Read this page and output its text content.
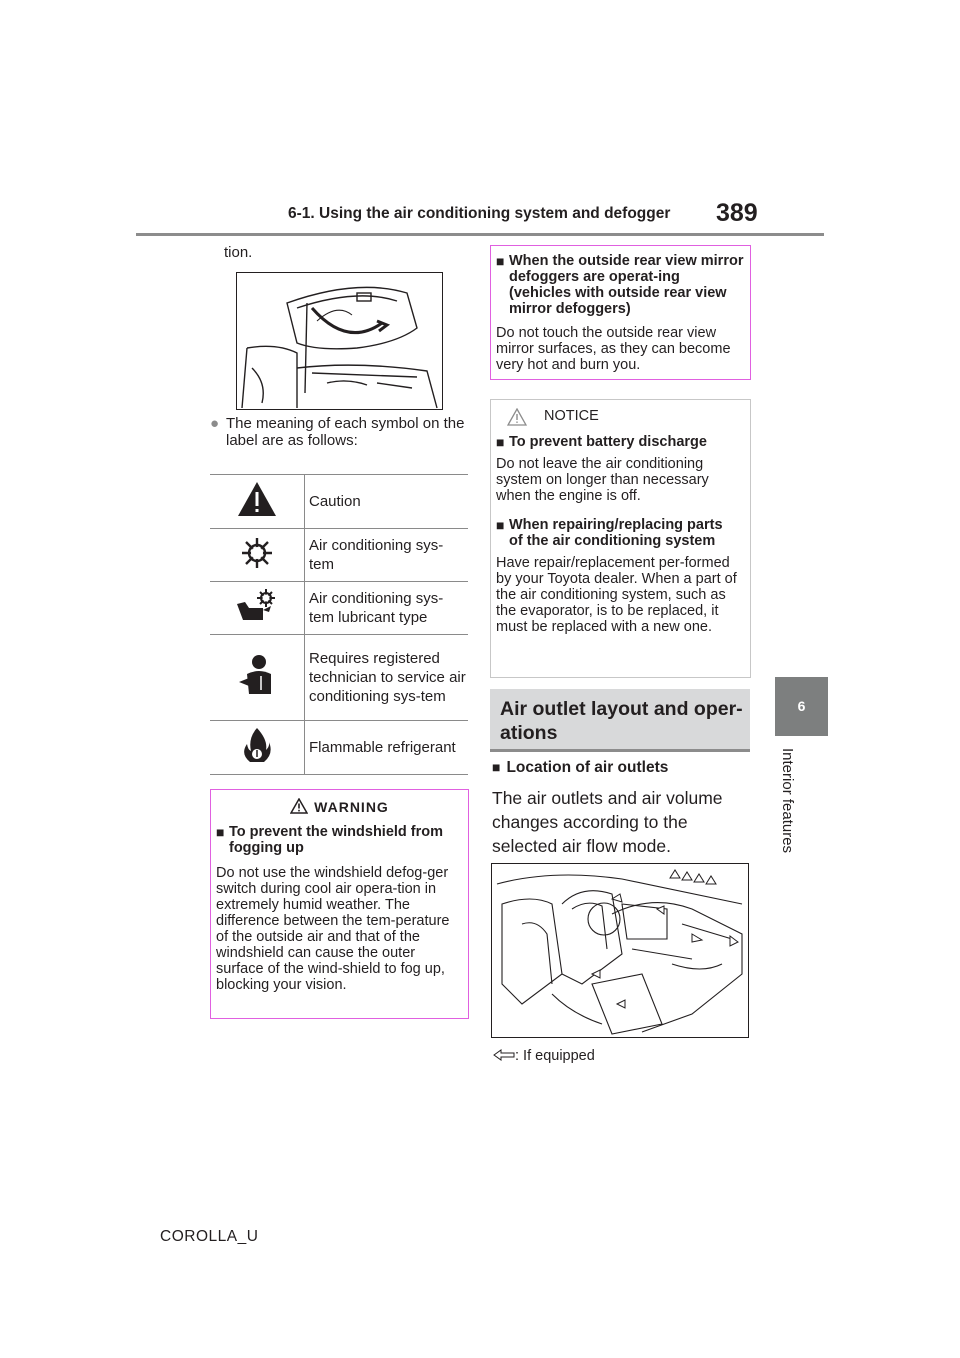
6-1. Using the air conditioning system and defogger 389
6
Interior features
tion.
● The meaning of each symbol on the label are as follows:
	Caution
	Air conditioning sys-tem
	Air conditioning sys-tem lubricant type
	Requires registered technician to service air conditioning sys-tem
	Flammable refrigerant
WARNING
■ To prevent the windshield from fogging up
Do not use the windshield defog-ger switch during cool air opera-tion in extremely humid weather. The difference between the tem-perature of the outside air and that of the windshield can cause the outer surface of the wind-shield to fog up, blocking your vision.
■ When the outside rear view mirror defoggers are operat-ing (vehicles with outside rear view mirror defoggers)
Do not touch the outside rear view mirror surfaces, as they can become very hot and burn you.
NOTICE
■ To prevent battery discharge
Do not leave the air conditioning system on longer than necessary when the engine is off.
■ When repairing/replacing parts of the air conditioning system
Have repair/replacement per-formed by your Toyota dealer. When a part of the air conditioning system, such as the evaporator, is to be replaced, it must be replaced with a new one.
Air outlet layout and oper-ations
■ Location of air outlets
The air outlets and air volume changes according to the selected air flow mode.
: If equipped
COROLLA_U
